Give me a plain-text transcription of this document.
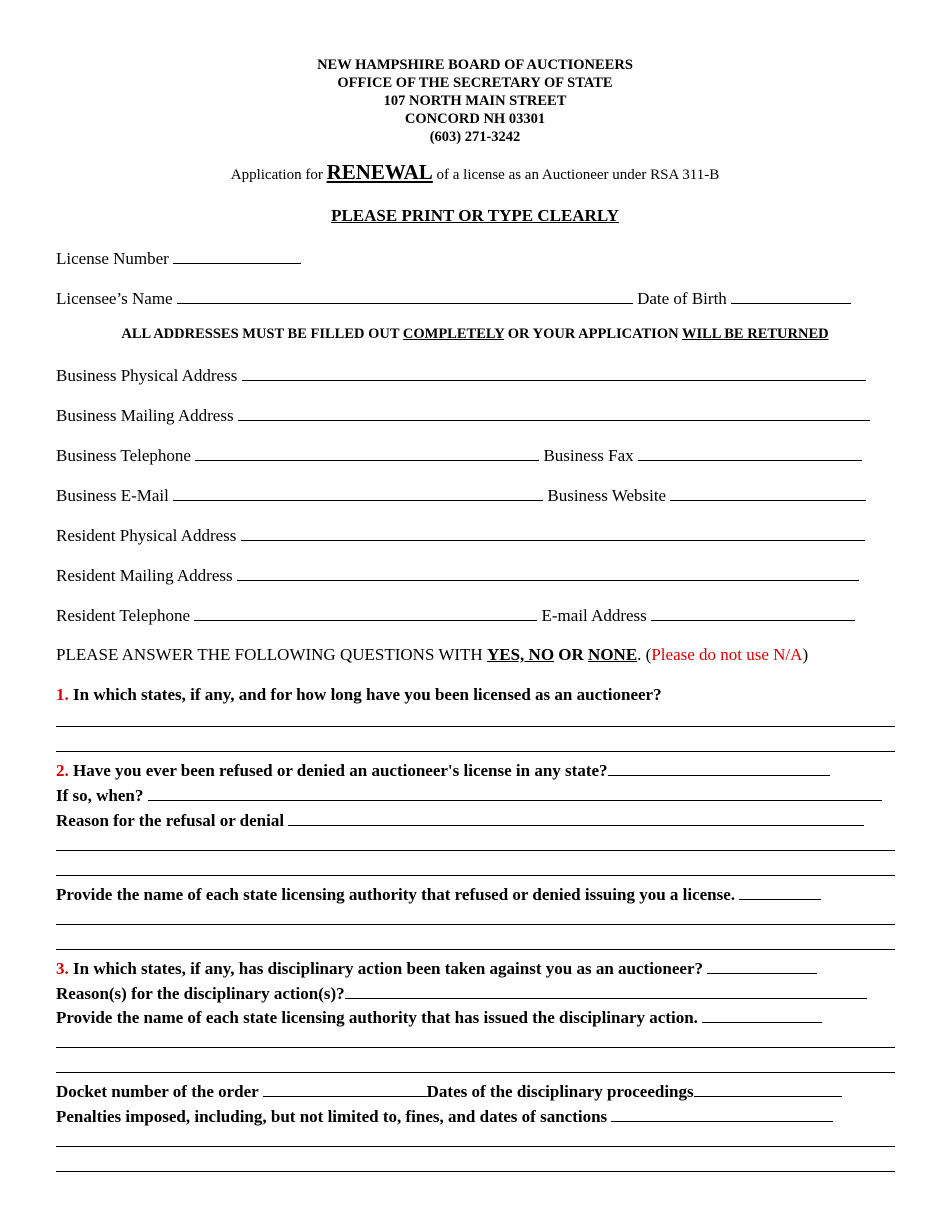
NEW HAMPSHIRE BOARD OF AUCTIONEERS
OFFICE OF THE SECRETARY OF STATE
107 NORTH MAIN STREET
CONCORD NH 03301
(603) 271-3242
Application for RENEWAL of a license as an Auctioneer under RSA 311-B
PLEASE PRINT OR TYPE CLEARLY
License Number
Licensee’s Name	Date of Birth
ALL ADDRESSES MUST BE FILLED OUT COMPLETELY OR YOUR APPLICATION WILL BE RETURNED
Business Physical Address
Business Mailing Address
Business Telephone	Business Fax
Business E-Mail	Business Website
Resident Physical Address
Resident Mailing Address
Resident Telephone	E-mail Address
PLEASE ANSWER THE FOLLOWING QUESTIONS WITH YES, NO OR NONE. (Please do not use N/A)
1. In which states, if any, and for how long have you been licensed as an auctioneer?
2. Have you ever been refused or denied an auctioneer's license in any state?
If so, when?
Reason for the refusal or denial
Provide the name of each state licensing authority that refused or denied issuing you a license.
3. In which states, if any, has disciplinary action been taken against you as an auctioneer?
Reason(s) for the disciplinary action(s)?
Provide the name of each state licensing authority that has issued the disciplinary action.
Docket number of the order	Dates of the disciplinary proceedings
Penalties imposed, including, but not limited to, fines, and dates of sanctions
